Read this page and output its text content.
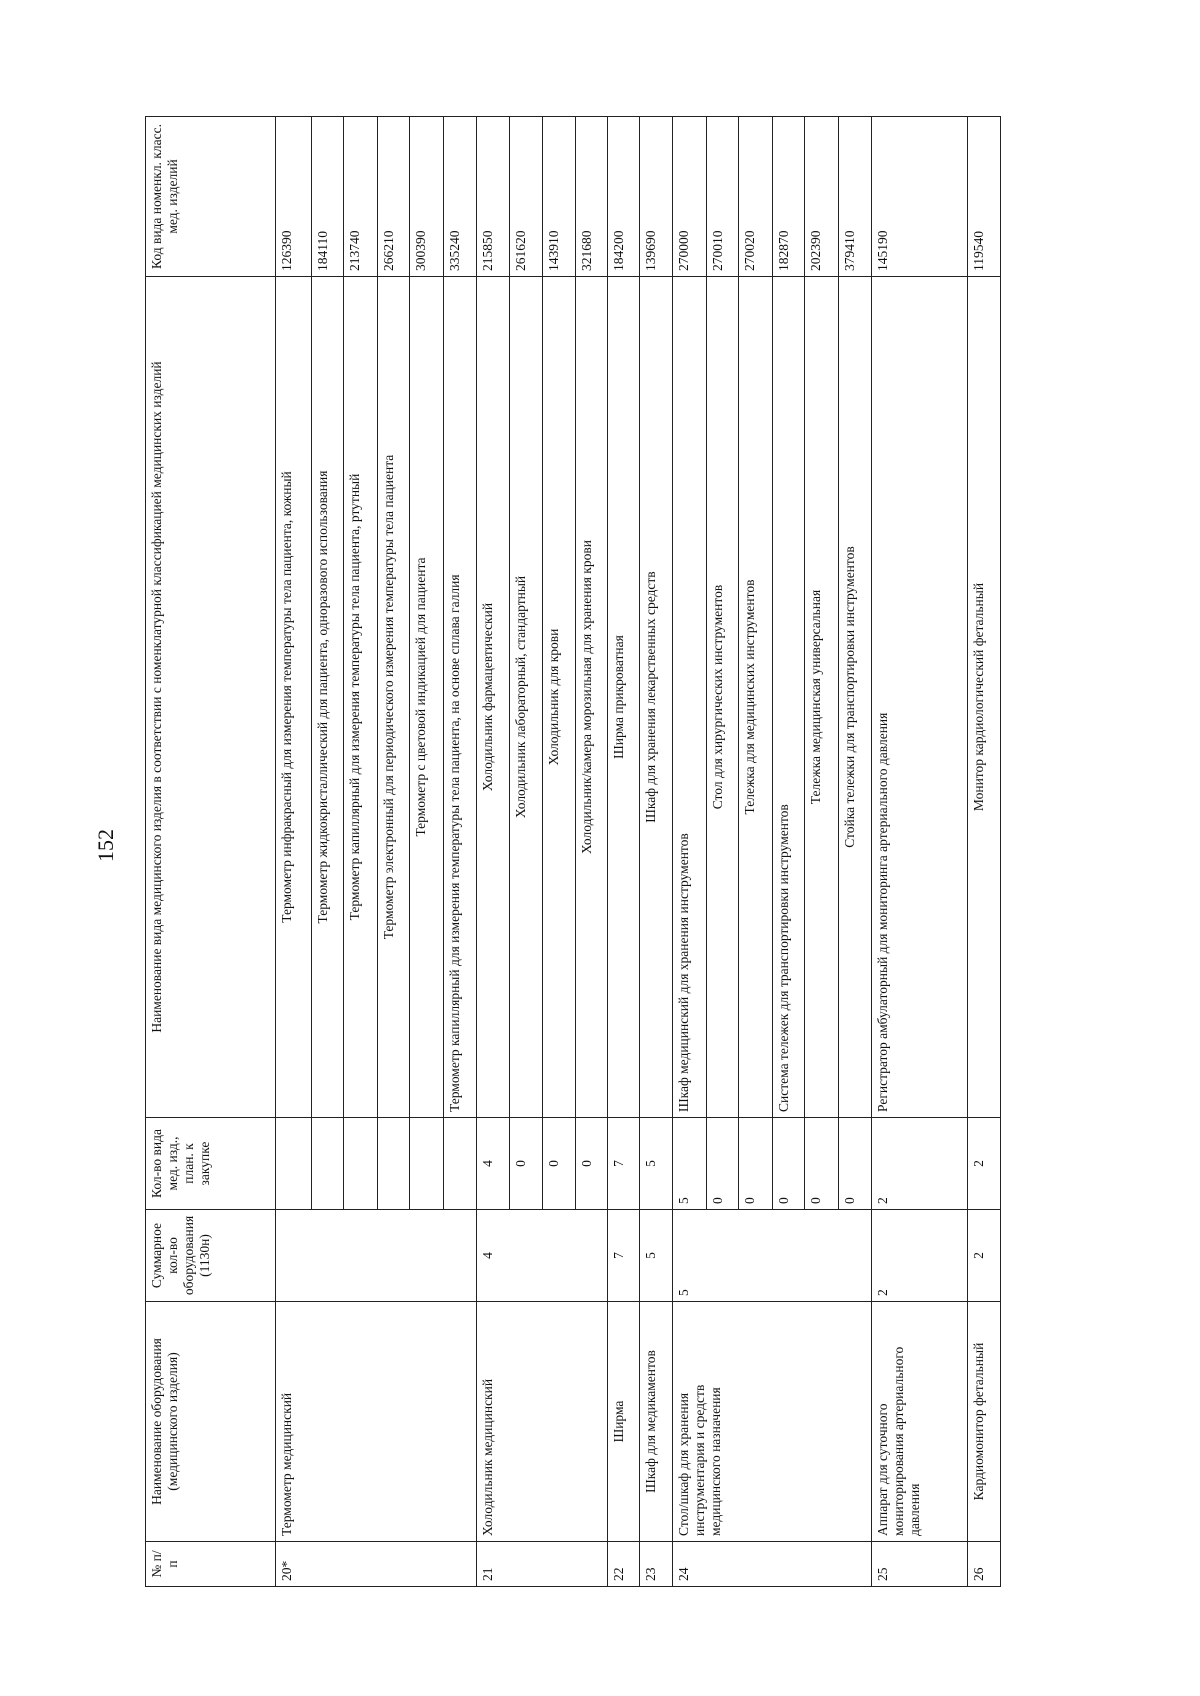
152
№ п/п	Наименование оборудования (медицинского изделия)	Суммарное кол-во оборудования (1130н)	Кол-во вида мед. изд., план. к закупке	Наименование вида медицинского изделия в соответствии с номенклатурной классификацией медицинских изделий	Код вида номенкл. класс. мед. изделий
20*	Термометр медицинский			Термометр инфракрасный для измерения температуры тела пациента, кожный	126390
				Термометр жидкокристаллический для пациента, одноразового использования	184110
				Термометр капиллярный для измерения температуры тела пациента, ртутный	213740
				Термометр электронный для периодического измерения температуры тела пациента	266210
				Термометр с цветовой индикацией для пациента	300390
				Термометр капиллярный для измерения температуры тела пациента, на основе сплава галлия	335240
21	Холодильник медицинский	4	4	Холодильник фармацевтический	215850
			0	Холодильник лабораторный, стандартный	261620
			0	Холодильник для крови	143910
			0	Холодильник/камера морозильная для хранения крови	321680
22	Ширма	7	7	Ширма прикроватная	184200
23	Шкаф для медикаментов	5	5	Шкаф для хранения лекарственных средств	139690
24	Стол/шкаф для хранения инструментария и средств медицинского назначения	5	5	Шкаф медицинский для хранения инструментов	270000
			0	Стол для хирургических инструментов	270010
			0	Тележка для медицинских инструментов	270020
			0	Система тележек для транспортировки инструментов	182870
			0	Тележка медицинская универсальная	202390
			0	Стойка тележки для транспортировки инструментов	379410
25	Аппарат для суточного мониторирования артериального давления	2	2	Регистратор амбулаторный для мониторинга артериального давления	145190
26	Кардиомонитор фетальный	2	2	Монитор кардиологический фетальный	119540
